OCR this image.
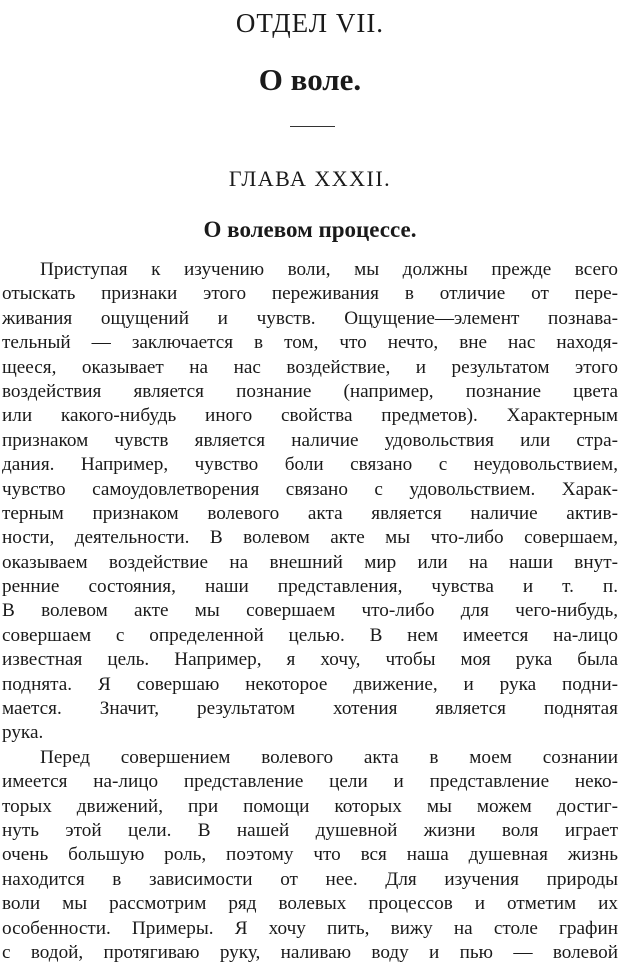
ОТДЕЛ VII.
О воле.
ГЛАВА XXXII.
О волевом процессе.
Приступая к изучению воли, мы должны прежде всего
отыскать признаки этого переживания в отличие от пере-
живания ощущений и чувств. Ощущение—элемент познава-
тельный — заключается в том, что нечто, вне нас находя-
щееся, оказывает на нас воздействие, и результатом этого
воздействия является познание (например, познание цвета
или какого-нибудь иного свойства предметов). Характерным
признаком чувств является наличие удовольствия или стра-
дания. Например, чувство боли связано с неудовольствием,
чувство самоудовлетворения связано с удовольствием. Харак-
терным признаком волевого акта является наличие актив-
ности, деятельности. В волевом акте мы что-либо совершаем,
оказываем воздействие на внешний мир или на наши внут-
ренние состояния, наши представления, чувства и т. п.
В волевом акте мы совершаем что-либо для чего-нибудь,
совершаем с определенной целью. В нем имеется на-лицо
известная цель. Например, я хочу, чтобы моя рука была
поднята. Я совершаю некоторое движение, и рука подни-
мается. Значит, результатом хотения является поднятая
рука.
Перед совершением волевого акта в моем сознании
имеется на-лицо представление цели и представление неко-
торых движений, при помощи которых мы можем достиг-
нуть этой цели. В нашей душевной жизни воля играет
очень большую роль, поэтому что вся наша душевная жизнь
находится в зависимости от нее. Для изучения природы
воли мы рассмотрим ряд волевых процессов и отметим их
особенности. Примеры. Я хочу пить, вижу на столе графин
с водой, протягиваю руку, наливаю воду и пью — волевой
